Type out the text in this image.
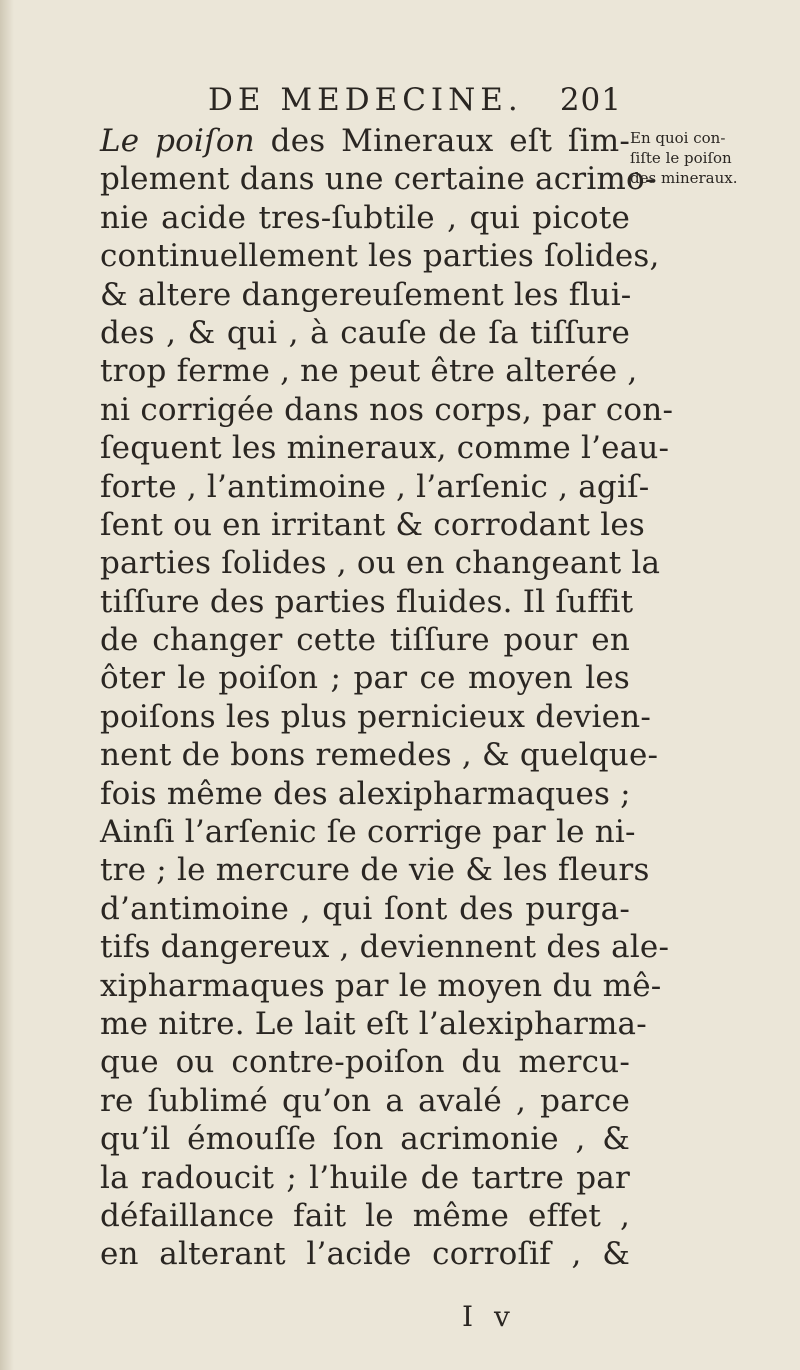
DE MEDECINE. 201
Le poiſon des Mineraux eſt ſim-
plement dans une certaine acrimo-
nie acide tres-ſubtile , qui picote
continuellement les parties ſolides,
& altere dangereuſement les flui-
des , & qui , à cauſe de ſa tiſſure
trop ferme , ne peut être alterée ,
ni corrigée dans nos corps, par con-
ſequent les mineraux, comme l’eau-
forte , l’antimoine , l’arſenic , agiſ-
ſent ou en irritant & corrodant les
parties ſolides , ou en changeant la
tiſſure des parties fluides. Il ſuffit
de changer cette tiſſure pour en
ôter le poiſon ; par ce moyen les
poiſons les plus pernicieux devien-
nent de bons remedes , & quelque-
fois même des alexipharmaques ;
Ainſi l’arſenic ſe corrige par le ni-
tre ; le mercure de vie & les fleurs
d’antimoine , qui ſont des purga-
tifs dangereux , deviennent des ale-
xipharmaques par le moyen du mê-
me nitre. Le lait eſt l’alexipharma-
que ou contre-poiſon du mercu-
re ſublimé qu’on a avalé , parce
qu’il émouſſe ſon acrimonie , &
la radoucit ; l’huile de tartre par
défaillance fait le même effet ,
en alterant l’acide corroſif , &
En quoi con-
ſiſte le poiſon
des mineraux.
I v
